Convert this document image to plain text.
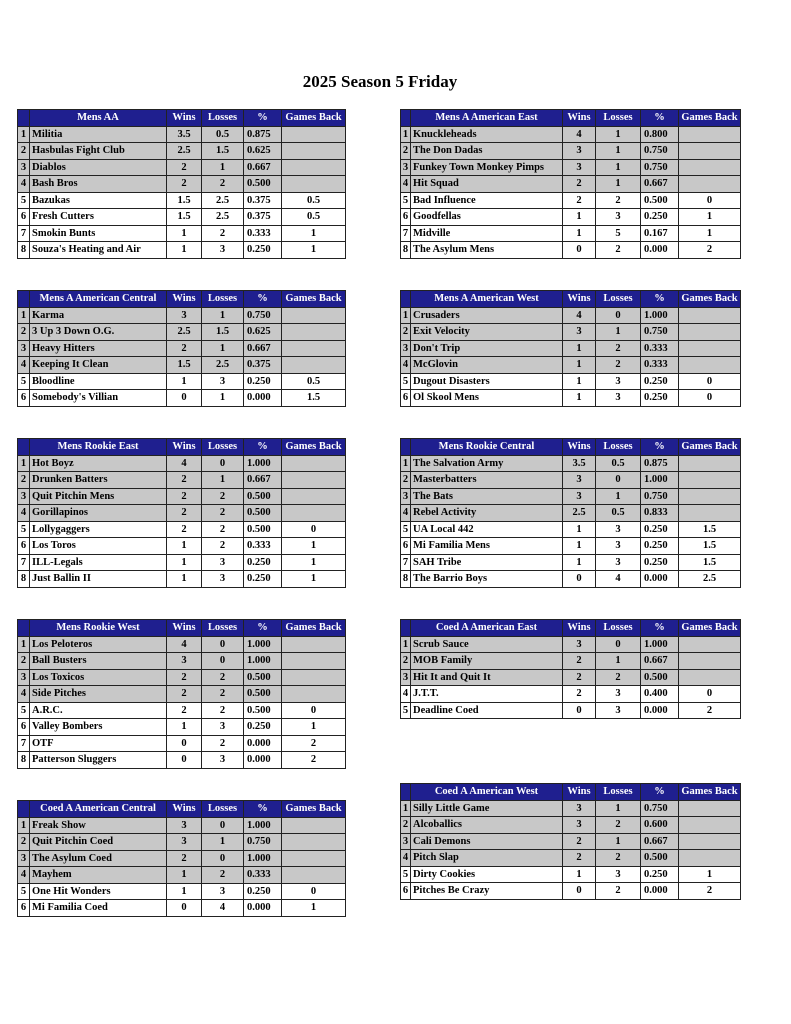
2025 Season 5 Friday
	Mens AA	Wins	Losses	%	Games Back
1	Militia	3.5	0.5	0.875	
2	Hasbulas Fight Club	2.5	1.5	0.625	
3	Diablos	2	1	0.667	
4	Bash Bros	2	2	0.500	
5	Bazukas	1.5	2.5	0.375	0.5
6	Fresh Cutters	1.5	2.5	0.375	0.5
7	Smokin Bunts	1	2	0.333	1
8	Souza's Heating and Air	1	3	0.250	1
	Mens A American Central	Wins	Losses	%	Games Back
1	Karma	3	1	0.750	
2	3 Up 3 Down O.G.	2.5	1.5	0.625	
3	Heavy Hitters	2	1	0.667	
4	Keeping It Clean	1.5	2.5	0.375	
5	Bloodline	1	3	0.250	0.5
6	Somebody's Villian	0	1	0.000	1.5
	Mens Rookie East	Wins	Losses	%	Games Back
1	Hot Boyz	4	0	1.000	
2	Drunken Batters	2	1	0.667	
3	Quit Pitchin Mens	2	2	0.500	
4	Gorillapinos	2	2	0.500	
5	Lollygaggers	2	2	0.500	0
6	Los Toros	1	2	0.333	1
7	ILL-Legals	1	3	0.250	1
8	Just Ballin II	1	3	0.250	1
	Mens Rookie West	Wins	Losses	%	Games Back
1	Los Peloteros	4	0	1.000	
2	Ball Busters	3	0	1.000	
3	Los Toxicos	2	2	0.500	
4	Side Pitches	2	2	0.500	
5	A.R.C.	2	2	0.500	0
6	Valley Bombers	1	3	0.250	1
7	OTF	0	2	0.000	2
8	Patterson Sluggers	0	3	0.000	2
	Coed A American Central	Wins	Losses	%	Games Back
1	Freak Show	3	0	1.000	
2	Quit Pitchin Coed	3	1	0.750	
3	The Asylum Coed	2	0	1.000	
4	Mayhem	1	2	0.333	
5	One Hit Wonders	1	3	0.250	0
6	Mi Familia Coed	0	4	0.000	1
	Mens A American East	Wins	Losses	%	Games Back
1	Knuckleheads	4	1	0.800	
2	The Don Dadas	3	1	0.750	
3	Funkey Town Monkey Pimps	3	1	0.750	
4	Hit Squad	2	1	0.667	
5	Bad Influence	2	2	0.500	0
6	Goodfellas	1	3	0.250	1
7	Midville	1	5	0.167	1
8	The Asylum Mens	0	2	0.000	2
	Mens A American West	Wins	Losses	%	Games Back
1	Crusaders	4	0	1.000	
2	Exit Velocity	3	1	0.750	
3	Don't Trip	1	2	0.333	
4	McGlovin	1	2	0.333	
5	Dugout Disasters	1	3	0.250	0
6	Ol Skool Mens	1	3	0.250	0
	Mens Rookie Central	Wins	Losses	%	Games Back
1	The Salvation Army	3.5	0.5	0.875	
2	Masterbatters	3	0	1.000	
3	The Bats	3	1	0.750	
4	Rebel Activity	2.5	0.5	0.833	
5	UA Local 442	1	3	0.250	1.5
6	Mi Familia Mens	1	3	0.250	1.5
7	SAH Tribe	1	3	0.250	1.5
8	The Barrio Boys	0	4	0.000	2.5
	Coed A American East	Wins	Losses	%	Games Back
1	Scrub Sauce	3	0	1.000	
2	MOB Family	2	1	0.667	
3	Hit It and Quit It	2	2	0.500	
4	J.T.T.	2	3	0.400	0
5	Deadline Coed	0	3	0.000	2
	Coed A American West	Wins	Losses	%	Games Back
1	Silly Little Game	3	1	0.750	
2	Alcoballics	3	2	0.600	
3	Cali Demons	2	1	0.667	
4	Pitch Slap	2	2	0.500	
5	Dirty Cookies	1	3	0.250	1
6	Pitches Be Crazy	0	2	0.000	2
